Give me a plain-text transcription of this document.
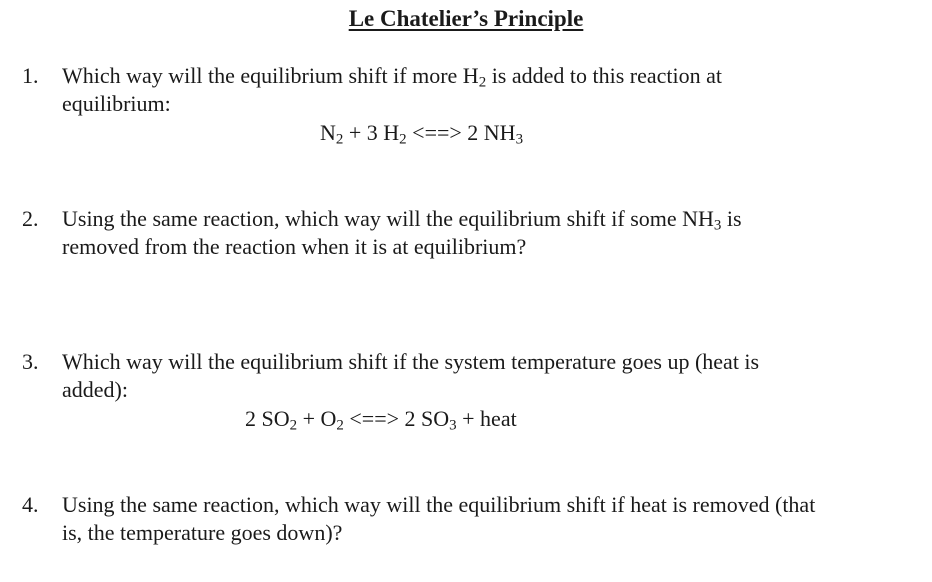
Le Chatelier’s Principle
1.	Which way will the equilibrium shift if more $H_2$ is added to this reaction at
equilibrium:
$N_2 + 3$ $H_2$ <==> 2 $NH_3$
2.	Using the same reaction, which way will the equilibrium shift if some $NH_3$ is
removed from the reaction when it is at equilibrium?
3.	Which way will the equilibrium shift if the system temperature goes up (heat is
added):
2 $SO_2 + O_2$ <==> 2 $SO_3$ + heat
4.	Using the same reaction, which way will the equilibrium shift if heat is removed (that
is, the temperature goes down)?
